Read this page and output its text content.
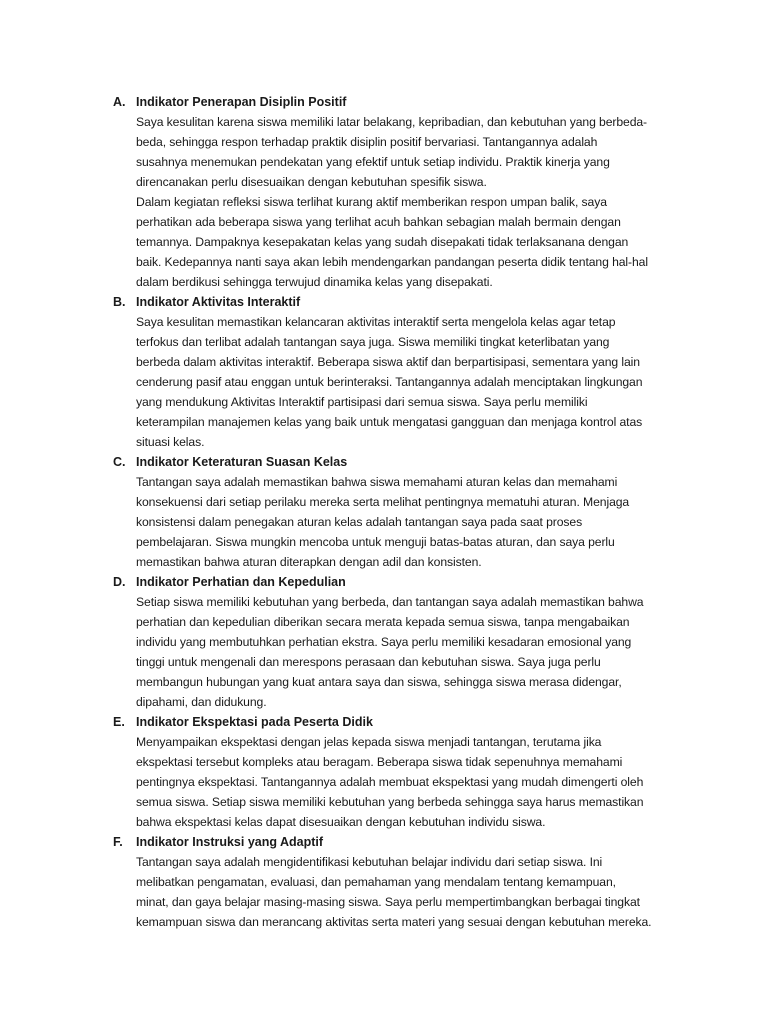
A. Indikator Penerapan Disiplin Positif
Saya kesulitan karena siswa memiliki latar belakang, kepribadian, dan kebutuhan yang berbeda-
beda, sehingga respon terhadap praktik disiplin positif bervariasi. Tantangannya adalah
susahnya menemukan pendekatan yang efektif untuk setiap individu. Praktik kinerja yang
direncanakan perlu disesuaikan dengan kebutuhan spesifik siswa.
Dalam kegiatan refleksi siswa terlihat kurang aktif memberikan respon umpan balik, saya
perhatikan ada beberapa siswa yang terlihat acuh bahkan sebagian malah bermain dengan
temannya. Dampaknya kesepakatan kelas yang sudah disepakati tidak terlaksanana dengan
baik. Kedepannya nanti saya akan lebih mendengarkan pandangan peserta didik tentang hal-hal
dalam berdikusi sehingga terwujud dinamika kelas yang disepakati.
B. Indikator Aktivitas Interaktif
Saya kesulitan memastikan kelancaran aktivitas interaktif serta mengelola kelas agar tetap
terfokus dan terlibat adalah tantangan saya juga. Siswa memiliki tingkat keterlibatan yang
berbeda dalam aktivitas interaktif. Beberapa siswa aktif dan berpartisipasi, sementara yang lain
cenderung pasif atau enggan untuk berinteraksi. Tantangannya adalah menciptakan lingkungan
yang mendukung Aktivitas Interaktif partisipasi dari semua siswa. Saya perlu memiliki
keterampilan manajemen kelas yang baik untuk mengatasi gangguan dan menjaga kontrol atas
situasi kelas.
C. Indikator Keteraturan Suasan Kelas
Tantangan saya adalah memastikan bahwa siswa memahami aturan kelas dan memahami
konsekuensi dari setiap perilaku mereka serta melihat pentingnya mematuhi aturan. Menjaga
konsistensi dalam penegakan aturan kelas adalah tantangan saya pada saat proses
pembelajaran. Siswa mungkin mencoba untuk menguji batas-batas aturan, dan saya perlu
memastikan bahwa aturan diterapkan dengan adil dan konsisten.
D. Indikator Perhatian dan Kepedulian
Setiap siswa memiliki kebutuhan yang berbeda, dan tantangan saya adalah memastikan bahwa
perhatian dan kepedulian diberikan secara merata kepada semua siswa, tanpa mengabaikan
individu yang membutuhkan perhatian ekstra. Saya perlu memiliki kesadaran emosional yang
tinggi untuk mengenali dan merespons perasaan dan kebutuhan siswa. Saya juga perlu
membangun hubungan yang kuat antara saya dan siswa, sehingga siswa merasa didengar,
dipahami, dan didukung.
E. Indikator Ekspektasi pada Peserta Didik
Menyampaikan ekspektasi dengan jelas kepada siswa menjadi tantangan, terutama jika
ekspektasi tersebut kompleks atau beragam. Beberapa siswa tidak sepenuhnya memahami
pentingnya ekspektasi. Tantangannya adalah membuat ekspektasi yang mudah dimengerti oleh
semua siswa. Setiap siswa memiliki kebutuhan yang berbeda sehingga saya harus memastikan
bahwa ekspektasi kelas dapat disesuaikan dengan kebutuhan individu siswa.
F. Indikator Instruksi yang Adaptif
Tantangan saya adalah mengidentifikasi kebutuhan belajar individu dari setiap siswa. Ini
melibatkan pengamatan, evaluasi, dan pemahaman yang mendalam tentang kemampuan,
minat, dan gaya belajar masing-masing siswa. Saya perlu mempertimbangkan berbagai tingkat
kemampuan siswa dan merancang aktivitas serta materi yang sesuai dengan kebutuhan mereka.
